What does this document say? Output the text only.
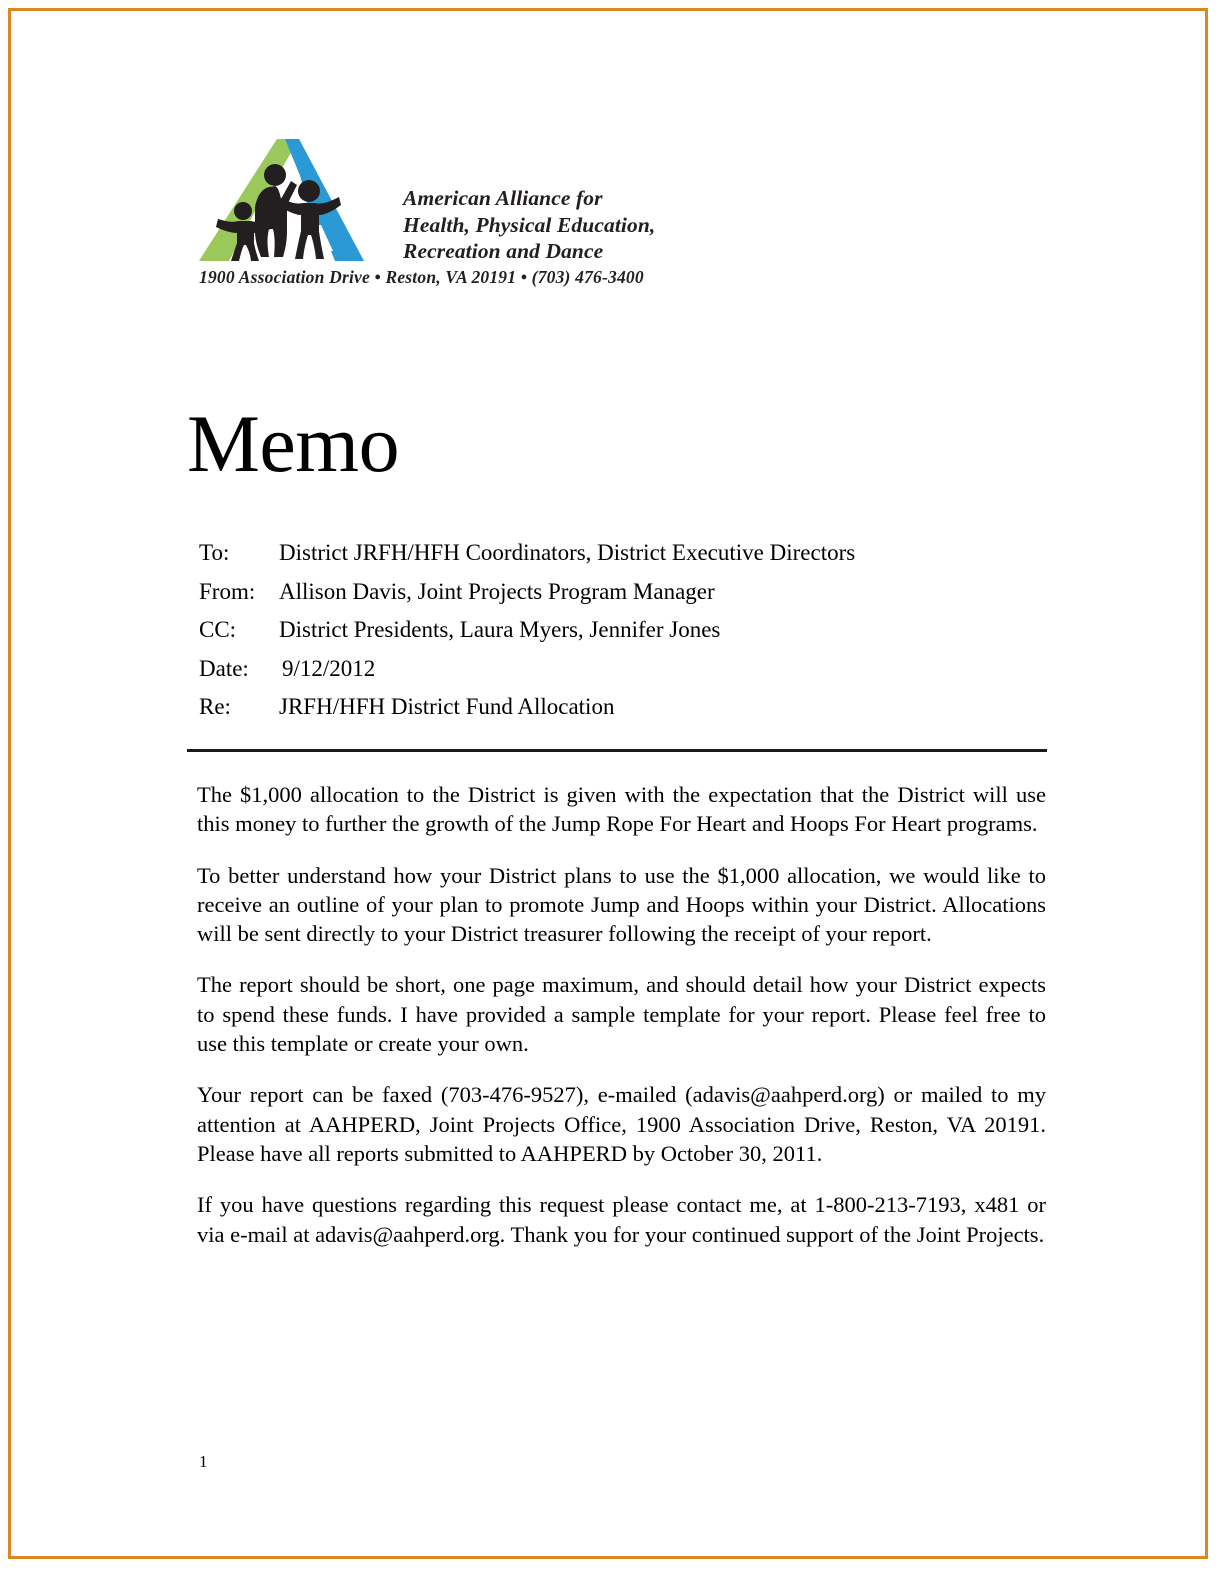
American Alliance for
Health, Physical Education,
Recreation and Dance
1900 Association Drive • Reston, VA 20191 • (703) 476-3400
Memo
To: District JRFH/HFH Coordinators, District Executive Directors
From: Allison Davis, Joint Projects Program Manager
CC: District Presidents, Laura Myers, Jennifer Jones
Date: 9/12/2012
Re: JRFH/HFH District Fund Allocation

The $1,000 allocation to the District is given with the expectation that the District will use this money to further the growth of the Jump Rope For Heart and Hoops For Heart programs.

To better understand how your District plans to use the $1,000 allocation, we would like to receive an outline of your plan to promote Jump and Hoops within your District. Allocations will be sent directly to your District treasurer following the receipt of your report.

The report should be short, one page maximum, and should detail how your District expects to spend these funds. I have provided a sample template for your report. Please feel free to use this template or create your own.

Your report can be faxed (703-476-9527), e-mailed (adavis@aahperd.org) or mailed to my attention at AAHPERD, Joint Projects Office, 1900 Association Drive, Reston, VA 20191. Please have all reports submitted to AAHPERD by October 30, 2011.

If you have questions regarding this request please contact me, at 1-800-213-7193, x481 or via e-mail at adavis@aahperd.org. Thank you for your continued support of the Joint Projects.

1
